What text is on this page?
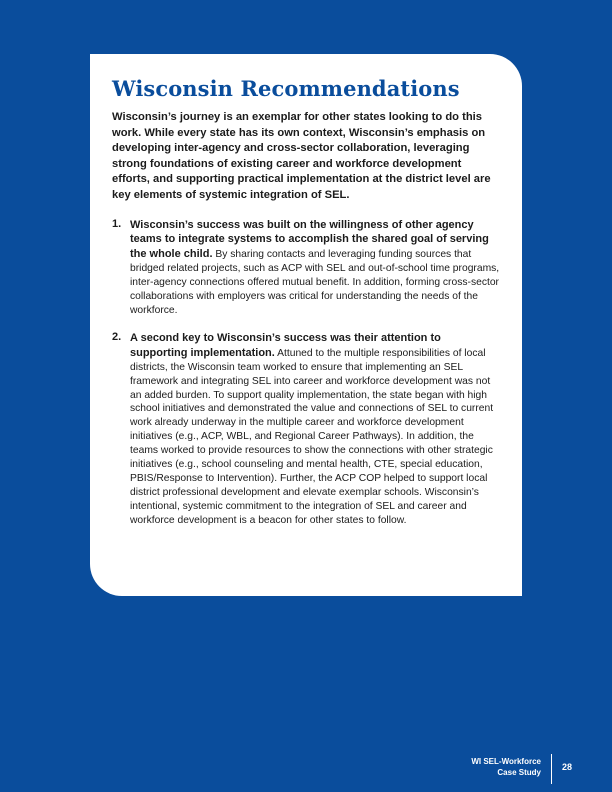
Wisconsin Recommendations

Wisconsin’s journey is an exemplar for other states looking to do this work. While every state has its own context, Wisconsin’s emphasis on developing inter-agency and cross-sector collaboration, leveraging strong foundations of existing career and workforce development efforts, and supporting practical implementation at the district level are key elements of systemic integration of SEL.

1. Wisconsin’s success was built on the willingness of other agency teams to integrate systems to accomplish the shared goal of serving the whole child. By sharing contacts and leveraging funding sources that bridged related projects, such as ACP with SEL and out-of-school time programs, inter-agency connections offered mutual benefit. In addition, forming cross-sector collaborations with employers was critical for understanding the needs of the workforce.
2. A second key to Wisconsin’s success was their attention to supporting implementation. Attuned to the multiple responsibilities of local districts, the Wisconsin team worked to ensure that implementing an SEL framework and integrating SEL into career and workforce development was not an added burden. To support quality implementation, the state began with high school initiatives and demonstrated the value and connections of SEL to current work already underway in the multiple career and workforce development initiatives (e.g., ACP, WBL, and Regional Career Pathways). In addition, the teams worked to provide resources to show the connections with other strategic initiatives (e.g., school counseling and mental health, CTE, special education, PBIS/Response to Intervention). Further, the ACP COP helped to support local district professional development and elevate exemplar schools. Wisconsin’s intentional, systemic commitment to the integration of SEL and career and workforce development is a beacon for other states to follow.
WI SEL-Workforce
Case Study
28
